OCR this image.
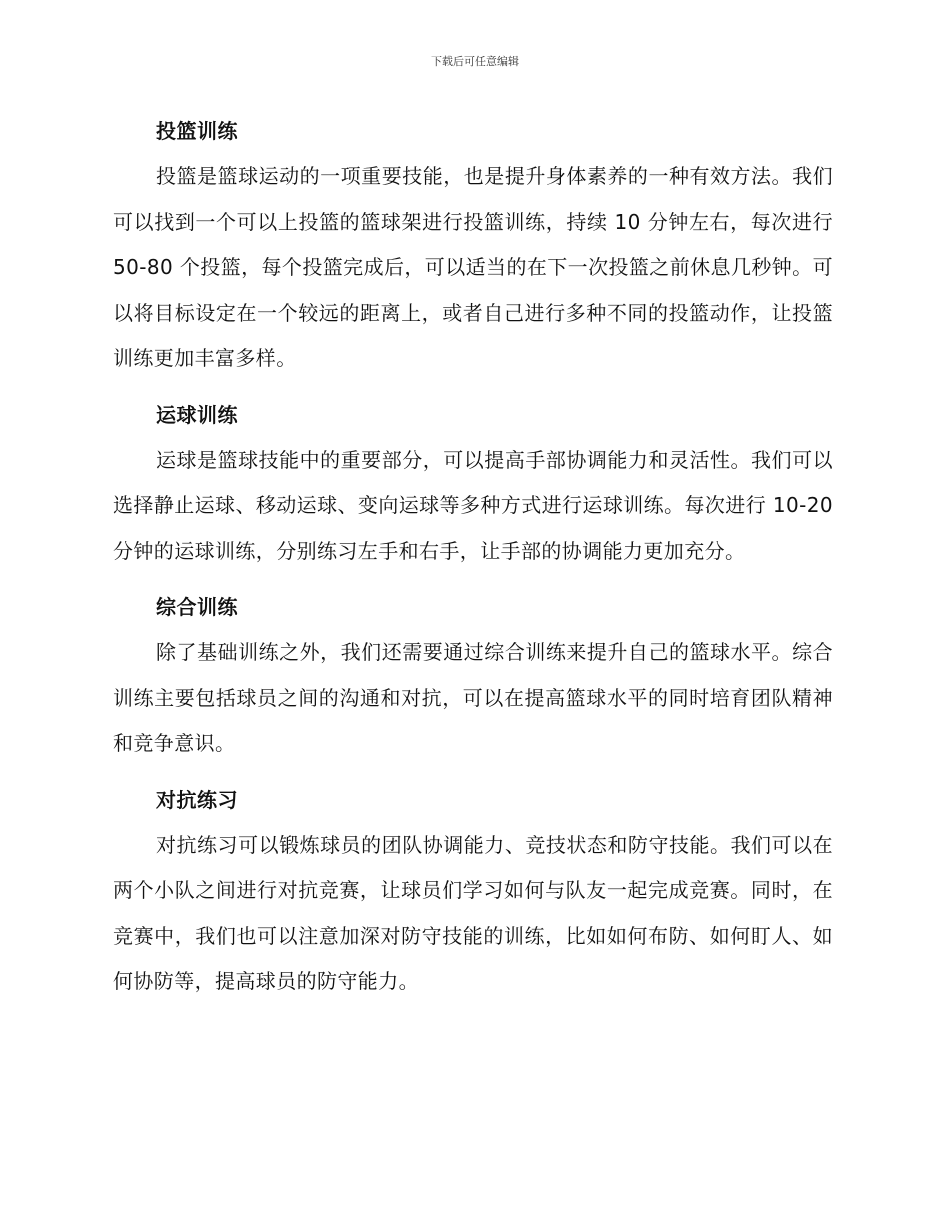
下载后可任意编辑
投篮训练

投篮是篮球运动的一项重要技能，也是提升身体素养的一种有效方法。我们可以找到一个可以上投篮的篮球架进行投篮训练，持续 10 分钟左右，每次进行 50-80 个投篮，每个投篮完成后，可以适当的在下一次投篮之前休息几秒钟。可以将目标设定在一个较远的距离上，或者自己进行多种不同的投篮动作，让投篮训练更加丰富多样。

运球训练

运球是篮球技能中的重要部分，可以提高手部协调能力和灵活性。我们可以选择静止运球、移动运球、变向运球等多种方式进行运球训练。每次进行 10-20 分钟的运球训练，分别练习左手和右手，让手部的协调能力更加充分。

综合训练

除了基础训练之外，我们还需要通过综合训练来提升自己的篮球水平。综合训练主要包括球员之间的沟通和对抗，可以在提高篮球水平的同时培育团队精神和竞争意识。

对抗练习

对抗练习可以锻炼球员的团队协调能力、竞技状态和防守技能。我们可以在两个小队之间进行对抗竞赛，让球员们学习如何与队友一起完成竞赛。同时，在竞赛中，我们也可以注意加深对防守技能的训练，比如如何布防、如何盯人、如何协防等，提高球员的防守能力。
